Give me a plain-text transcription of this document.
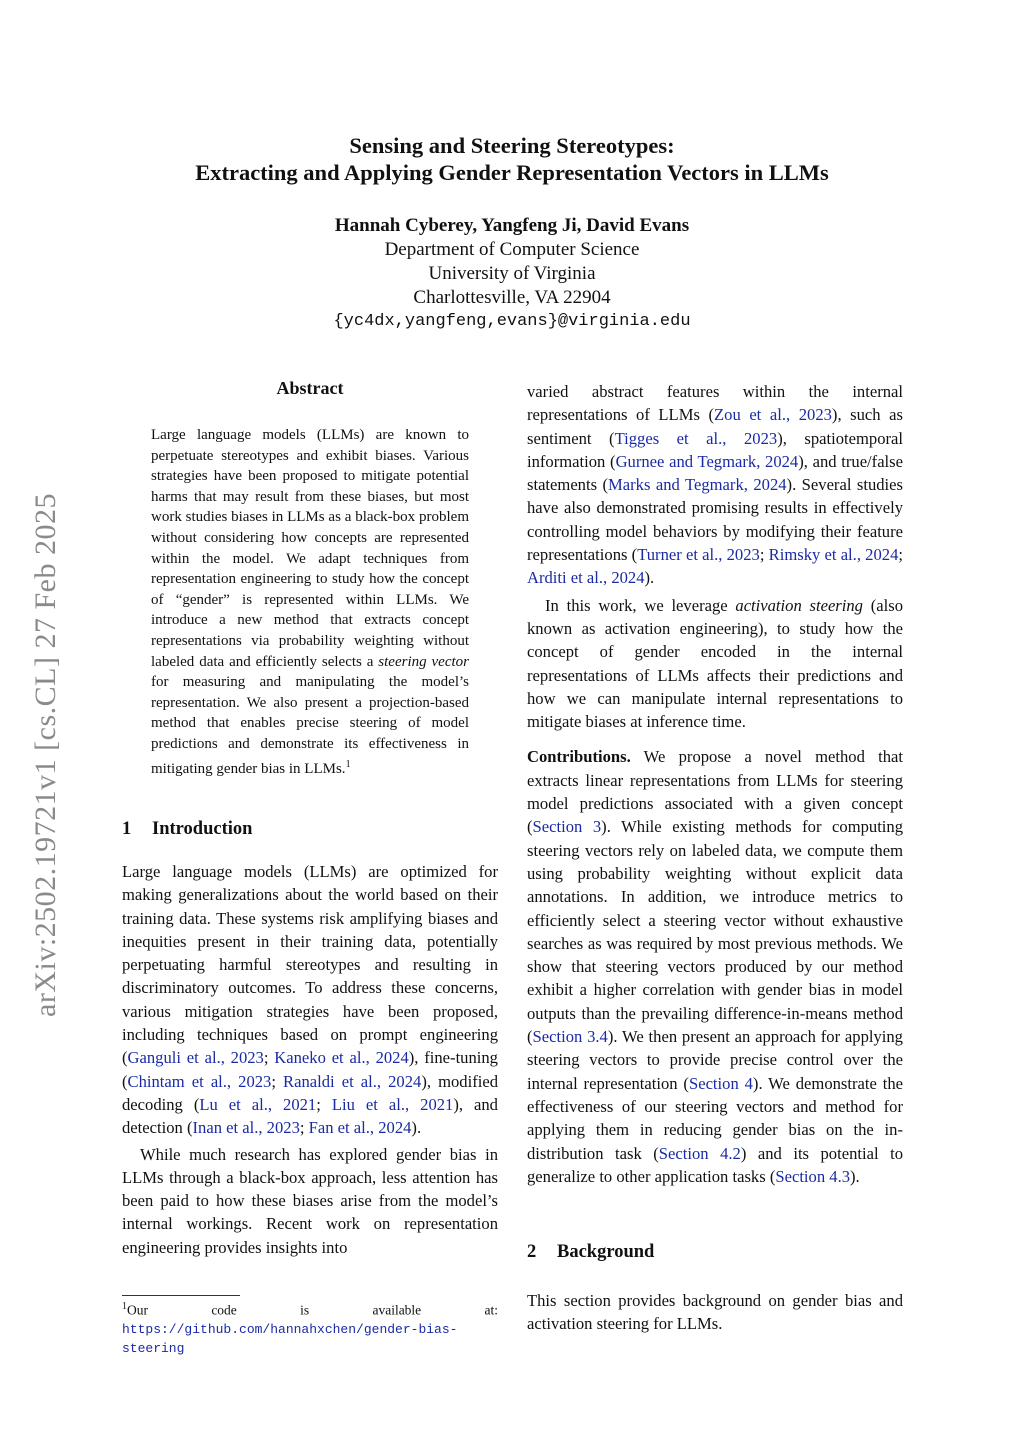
arXiv:2502.19721v1 [cs.CL] 27 Feb 2025
Sensing and Steering Stereotypes:
Extracting and Applying Gender Representation Vectors in LLMs
Hannah Cyberey, Yangfeng Ji, David Evans
Department of Computer Science
University of Virginia
Charlottesville, VA 22904
{yc4dx,yangfeng,evans}@virginia.edu
Abstract
Large language models (LLMs) are known to perpetuate stereotypes and exhibit biases. Various strategies have been proposed to mitigate potential harms that may result from these biases, but most work studies biases in LLMs as a black-box problem without considering how concepts are represented within the model. We adapt techniques from representation engineering to study how the concept of “gender” is represented within LLMs. We introduce a new method that extracts concept representations via probability weighting without labeled data and efficiently selects a steering vector for measuring and manipulating the model’s representation. We also present a projection-based method that enables precise steering of model predictions and demonstrate its effectiveness in mitigating gender bias in LLMs.$^1$
1 Introduction

Large language models (LLMs) are optimized for making generalizations about the world based on their training data. These systems risk amplifying biases and inequities present in their training data, potentially perpetuating harmful stereotypes and resulting in discriminatory outcomes. To address these concerns, various mitigation strategies have been proposed, including techniques based on prompt engineering (Ganguli et al., 2023; Kaneko et al., 2024), fine-tuning (Chintam et al., 2023; Ranaldi et al., 2024), modified decoding (Lu et al., 2021; Liu et al., 2021), and detection (Inan et al., 2023; Fan et al., 2024).

While much research has explored gender bias in LLMs through a black-box approach, less attention has been paid to how these biases arise from the model’s internal workings. Recent work on representation engineering provides insights into

$^1$Our code is available at: https://github.com/hannahxchen/gender-bias-steering

varied abstract features within the internal representations of LLMs (Zou et al., 2023), such as sentiment (Tigges et al., 2023), spatiotemporal information (Gurnee and Tegmark, 2024), and true/false statements (Marks and Tegmark, 2024). Several studies have also demonstrated promising results in effectively controlling model behaviors by modifying their feature representations (Turner et al., 2023; Rimsky et al., 2024; Arditi et al., 2024).

In this work, we leverage activation steering (also known as activation engineering), to study how the concept of gender encoded in the internal representations of LLMs affects their predictions and how we can manipulate internal representations to mitigate biases at inference time.

Contributions. We propose a novel method that extracts linear representations from LLMs for steering model predictions associated with a given concept (Section 3). While existing methods for computing steering vectors rely on labeled data, we compute them using probability weighting without explicit data annotations. In addition, we introduce metrics to efficiently select a steering vector without exhaustive searches as was required by most previous methods. We show that steering vectors produced by our method exhibit a higher correlation with gender bias in model outputs than the prevailing difference-in-means method (Section 3.4). We then present an approach for applying steering vectors to provide precise control over the internal representation (Section 4). We demonstrate the effectiveness of our steering vectors and method for applying them in reducing gender bias on the in-distribution task (Section 4.2) and its potential to generalize to other application tasks (Section 4.3).

2 Background

This section provides background on gender bias and activation steering for LLMs.
